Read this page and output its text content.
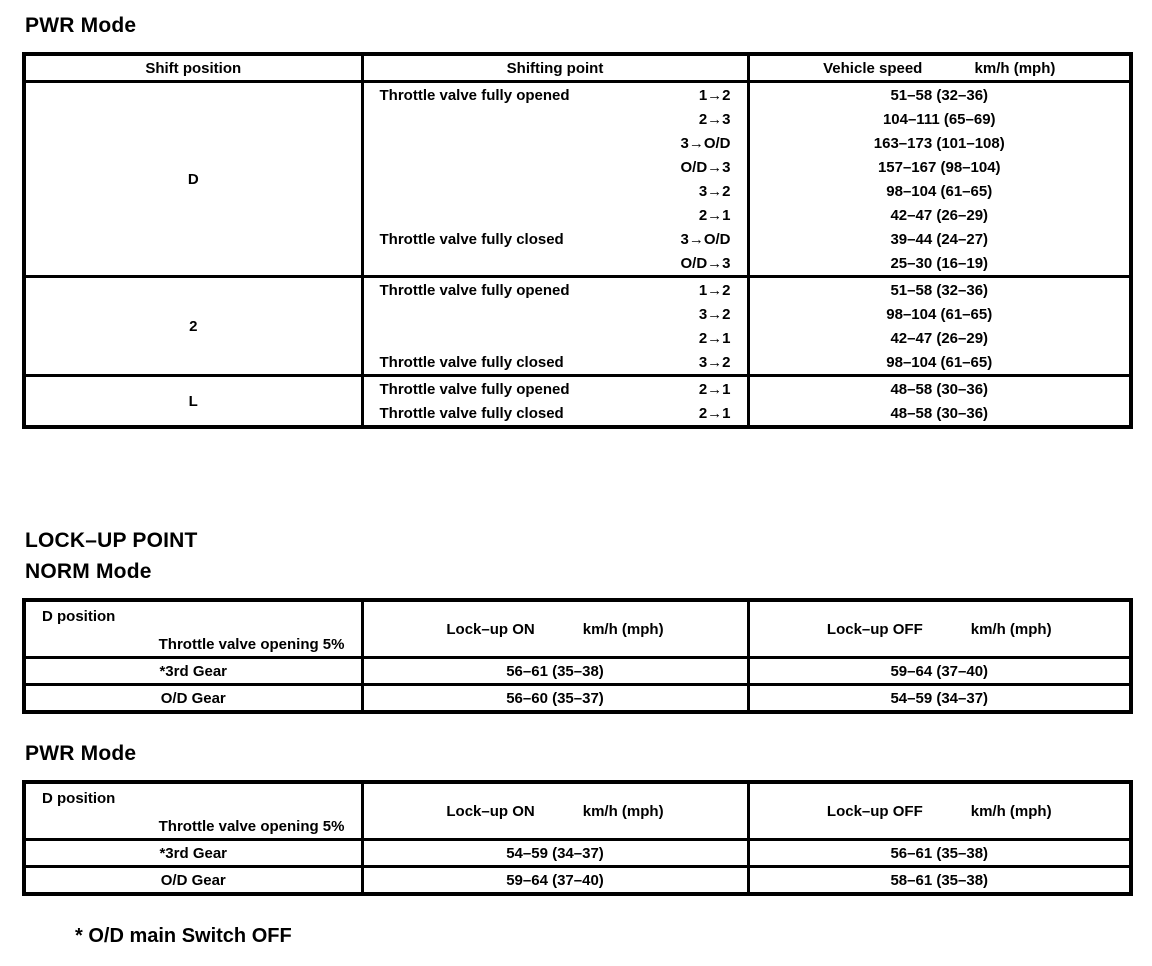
PWR Mode
Shift position	Shifting point	Vehicle speed km/h (mph)
D	Throttle valve fully opened 1→2	51–58 (32–36)

	2→3	104–111 (65–69)

	3→O/D	163–173 (101–108)

	O/D→3	157–167 (98–104)

	3→2	98–104 (61–65)

	2→1	42–47 (26–29)

	Throttle valve fully closed 3→O/D	39–44 (24–27)

	O/D→3	25–30 (16–19)
2	Throttle valve fully opened 1→2	51–58 (32–36)

	3→2	98–104 (61–65)

	2→1	42–47 (26–29)

	Throttle valve fully closed 3→2	98–104 (61–65)
L	Throttle valve fully opened 2→1	48–58 (30–36)

	Throttle valve fully closed 2→1	48–58 (30–36)
LOCK–UP POINT
NORM Mode
D position
Throttle valve opening 5%	Lock–up ON km/h (mph)	Lock–up OFF km/h (mph)
*3rd Gear	56–61 (35–38)	59–64 (37–40)
O/D Gear	56–60 (35–37)	54–59 (34–37)
PWR Mode
D position
Throttle valve opening 5%	Lock–up ON km/h (mph)	Lock–up OFF km/h (mph)
*3rd Gear	54–59 (34–37)	56–61 (35–38)
O/D Gear	59–64 (37–40)	58–61 (35–38)
* O/D main Switch OFF
